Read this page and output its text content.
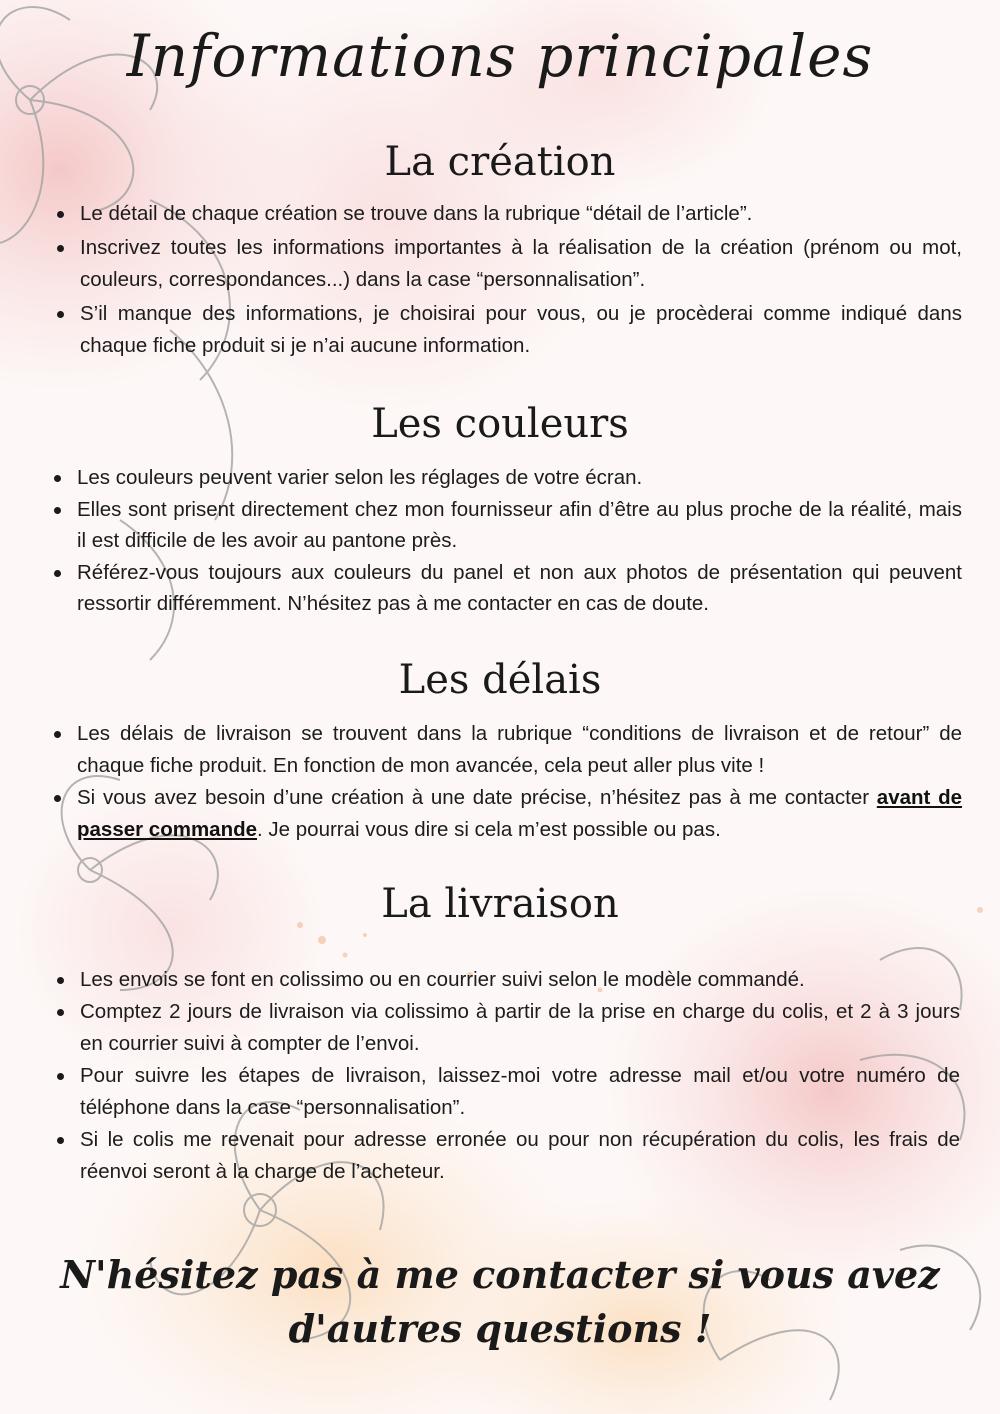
Informations principales
La création
Le détail de chaque création se trouve dans la rubrique “détail de l’article”.
Inscrivez toutes les informations importantes à la réalisation de la création (prénom ou mot, couleurs, correspondances...) dans la case “personnalisation”.
S’il manque des informations, je choisirai pour vous, ou je procèderai comme indiqué dans chaque fiche produit si je n’ai aucune information.
Les couleurs
Les couleurs peuvent varier selon les réglages de votre écran.
Elles sont prisent directement chez mon fournisseur afin d’être au plus proche de la réalité, mais il est difficile de les avoir au pantone près.
Référez-vous toujours aux couleurs du panel et non aux photos de présentation qui peuvent ressortir différemment. N’hésitez pas à me contacter en cas de doute.
Les délais
Les délais de livraison se trouvent dans la rubrique “conditions de livraison et de retour” de chaque fiche produit. En fonction de mon avancée, cela peut aller plus vite !
Si vous avez besoin d’une création à une date précise, n’hésitez pas à me contacter avant de passer commande. Je pourrai vous dire si cela m’est possible ou pas.
La livraison
Les envois se font en colissimo ou en courrier suivi selon le modèle commandé.
Comptez 2 jours de livraison via colissimo à partir de la prise en charge du colis, et 2 à 3 jours en courrier suivi à compter de l’envoi.
Pour suivre les étapes de livraison, laissez-moi votre adresse mail et/ou votre numéro de téléphone dans la case “personnalisation”.
Si le colis me revenait pour adresse erronée ou pour non récupération du colis, les frais de réenvoi seront à la charge de l’acheteur.

N'hésitez pas à me contacter si vous avez d'autres questions !
